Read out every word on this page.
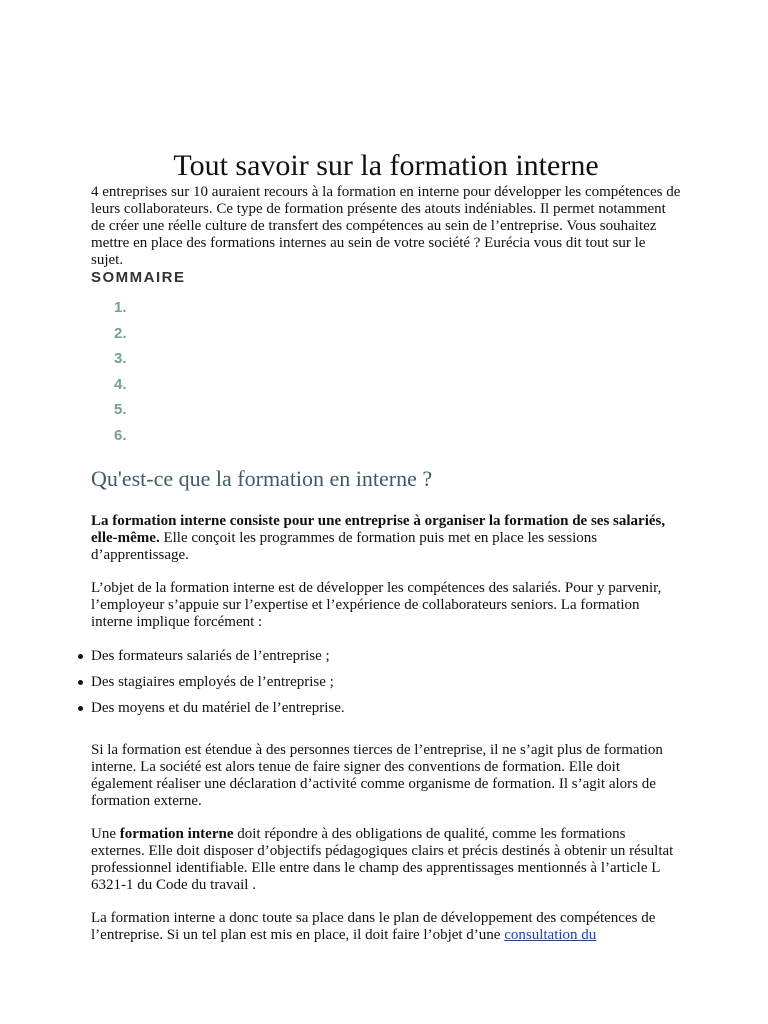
Tout savoir sur la formation interne

4 entreprises sur 10 auraient recours à la formation en interne pour développer les compétences de leurs collaborateurs. Ce type de formation présente des atouts indéniables. Il permet notamment de créer une réelle culture de transfert des compétences au sein de l’entreprise. Vous souhaitez mettre en place des formations internes au sein de votre société ? Eurécia vous dit tout sur le sujet.

SOMMAIRE

1.
2.
3.
4.
5.
6.
Qu'est-ce que la formation en interne ?

La formation interne consiste pour une entreprise à organiser la formation de ses salariés, elle-même. Elle conçoit les programmes de formation puis met en place les sessions d’apprentissage.

L’objet de la formation interne est de développer les compétences des salariés. Pour y parvenir, l’employeur s’appuie sur l’expertise et l’expérience de collaborateurs seniors. La formation interne implique forcément :

Des formateurs salariés de l’entreprise ;
Des stagiaires employés de l’entreprise ;
Des moyens et du matériel de l’entreprise.

Si la formation est étendue à des personnes tierces de l’entreprise, il ne s’agit plus de formation interne. La société est alors tenue de faire signer des conventions de formation. Elle doit également réaliser une déclaration d’activité comme organisme de formation. Il s’agit alors de formation externe.

Une formation interne doit répondre à des obligations de qualité, comme les formations externes. Elle doit disposer d’objectifs pédagogiques clairs et précis destinés à obtenir un résultat professionnel identifiable. Elle entre dans le champ des apprentissages mentionnés à l’article L 6321-1 du Code du travail .

La formation interne a donc toute sa place dans le plan de développement des compétences de l’entreprise. Si un tel plan est mis en place, il doit faire l’objet d’une consultation du
